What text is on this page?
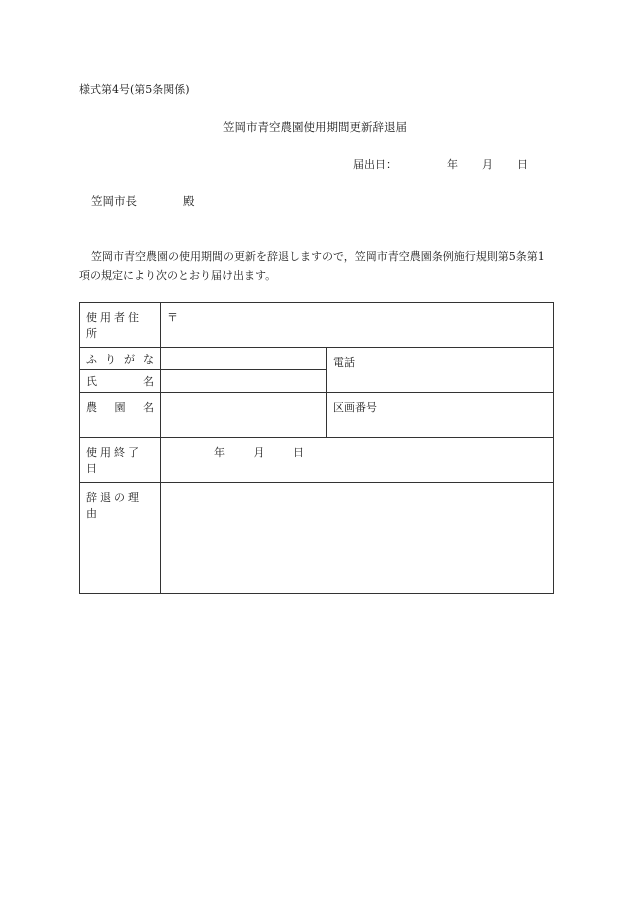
様式第4号(第5条関係)
笠岡市青空農園使用期間更新辞退届
届出日：	年 月 日
笠岡市長	殿
笠岡市青空農園の使用期間の更新を辞退しますので，笠岡市青空農園条例施行規則第5条第1項の規定により次のとおり届け出ます。
使用者住所	〒	

ふ り が な		電話

氏 名		

農 園 名		区画番号
使用終了日	年 月 日	
辞退の理由		
